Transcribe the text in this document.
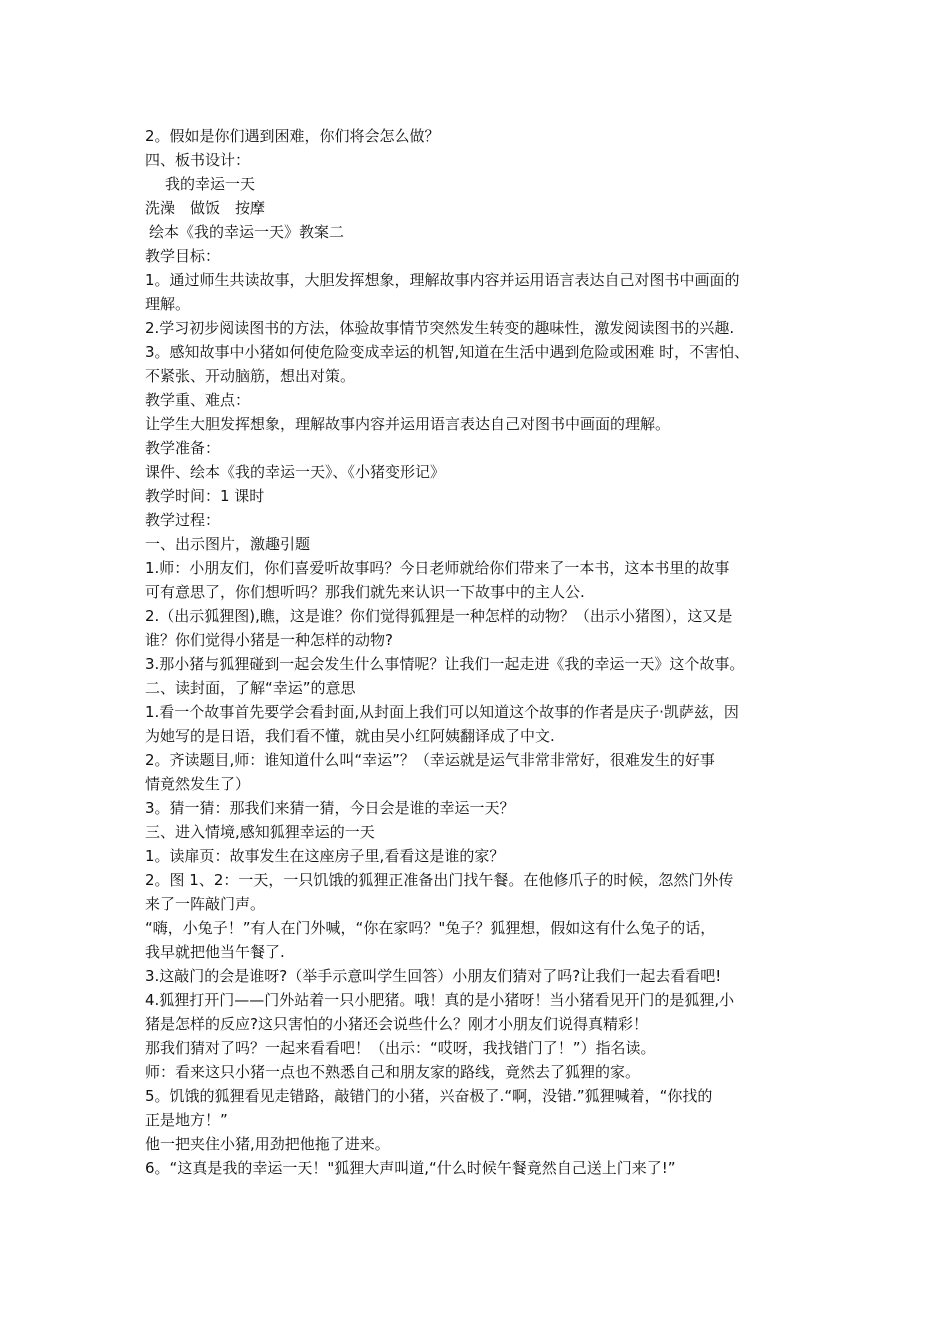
2。假如是你们遇到困难，你们将会怎么做？
四、板书设计：
我的幸运一天
洗澡　做饭　按摩
绘本《我的幸运一天》教案二
教学目标：
1。通过师生共读故事，大胆发挥想象，理解故事内容并运用语言表达自己对图书中画面的
理解。
2.学习初步阅读图书的方法，体验故事情节突然发生转变的趣味性，激发阅读图书的兴趣.
3。感知故事中小猪如何使危险变成幸运的机智,知道在生活中遇到危险或困难 时，不害怕、
不紧张、开动脑筋，想出对策。
教学重、难点：
让学生大胆发挥想象，理解故事内容并运用语言表达自己对图书中画面的理解。
教学准备：
课件、绘本《我的幸运一天》、《小猪变形记》
教学时间：1 课时
教学过程：
一、出示图片，激趣引题
1.师：小朋友们，你们喜爱听故事吗？今日老师就给你们带来了一本书，这本书里的故事
可有意思了，你们想听吗？那我们就先来认识一下故事中的主人公.
2.（出示狐狸图),瞧，这是谁？你们觉得狐狸是一种怎样的动物？（出示小猪图），这又是
谁？你们觉得小猪是一种怎样的动物?
3.那小猪与狐狸碰到一起会发生什么事情呢？让我们一起走进《我的幸运一天》这个故事。
二、读封面，了解“幸运”的意思
1.看一个故事首先要学会看封面,从封面上我们可以知道这个故事的作者是庆子·凯萨兹，因
为她写的是日语，我们看不懂，就由吴小红阿姨翻译成了中文.
2。齐读题目,师：谁知道什么叫“幸运”？（幸运就是运气非常非常好，很难发生的好事
情竟然发生了）
3。猜一猜：那我们来猜一猜，今日会是谁的幸运一天？
三、进入情境,感知狐狸幸运的一天
1。读扉页：故事发生在这座房子里,看看这是谁的家？
2。图 1、2：一天，一只饥饿的狐狸正准备出门找午餐。在他修爪子的时候，忽然门外传
来了一阵敲门声。
“嗨，小兔子！”有人在门外喊，“你在家吗？"兔子？狐狸想，假如这有什么兔子的话，
我早就把他当午餐了.
3.这敲门的会是谁呀?（举手示意叫学生回答）小朋友们猜对了吗?让我们一起去看看吧!
4.狐狸打开门——门外站着一只小肥猪。哦！真的是小猪呀！当小猪看见开门的是狐狸,小
猪是怎样的反应?这只害怕的小猪还会说些什么？刚才小朋友们说得真精彩！
那我们猜对了吗？一起来看看吧！（出示：“哎呀，我找错门了！”）指名读。
师：看来这只小猪一点也不熟悉自己和朋友家的路线，竟然去了狐狸的家。
5。饥饿的狐狸看见走错路，敲错门的小猪，兴奋极了.“啊，没错.”狐狸喊着，“你找的
正是地方！”
他一把夹住小猪,用劲把他拖了进来。
6。“这真是我的幸运一天！"狐狸大声叫道,“什么时候午餐竟然自己送上门来了!”
